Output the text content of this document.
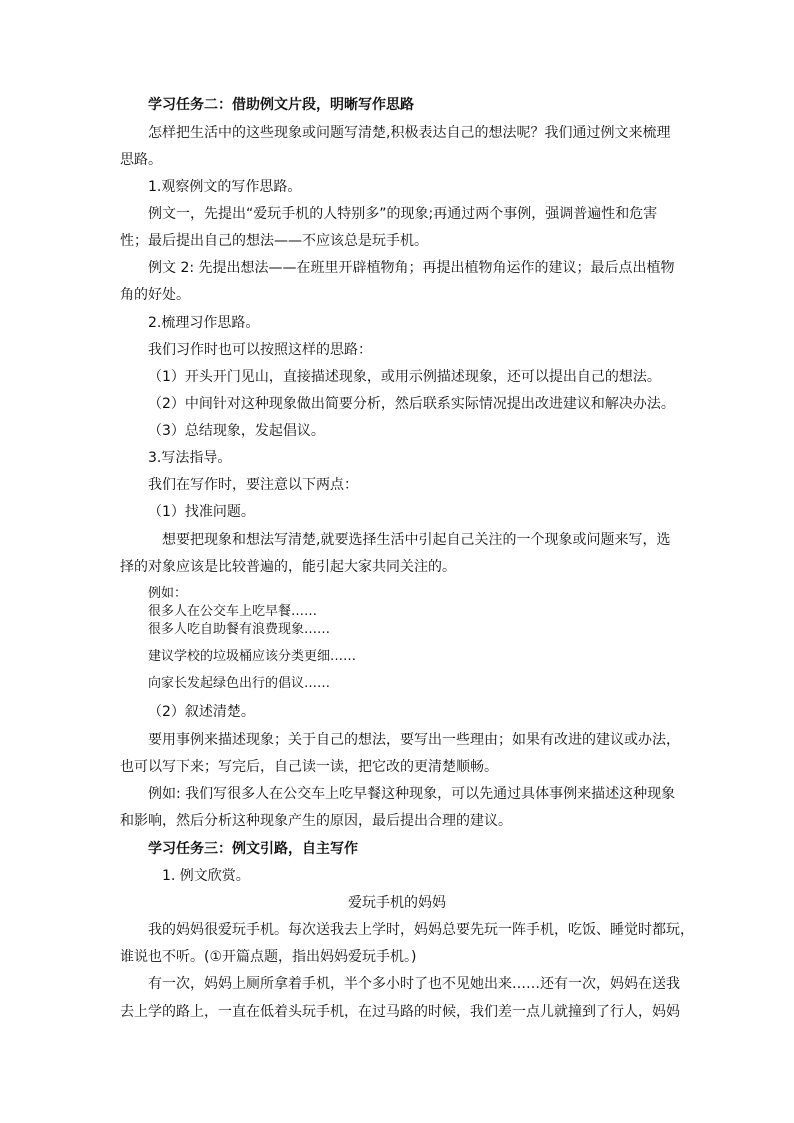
学习任务二：借助例文片段，明晰写作思路
怎样把生活中的这些现象或问题写清楚,积极表达自己的想法呢？我们通过例文来梳理
思路。
1.观察例文的写作思路。
例文一，先提出“爱玩手机的人特别多”的现象;再通过两个事例，强调普遍性和危害
性；最后提出自己的想法——不应该总是玩手机。
例文 2: 先提出想法——在班里开辟植物角；再提出植物角运作的建议；最后点出植物
角的好处。
2.梳理习作思路。
我们习作时也可以按照这样的思路：
（1）开头开门见山，直接描述现象，或用示例描述现象，还可以提出自己的想法。
（2）中间针对这种现象做出简要分析，然后联系实际情况提出改进建议和解决办法。
（3）总结现象，发起倡议。
3.写法指导。
我们在写作时，要注意以下两点：
（1）找准问题。
想要把现象和想法写清楚,就要选择生活中引起自己关注的一个现象或问题来写，选
择的对象应该是比较普遍的，能引起大家共同关注的。
例如：
很多人在公交车上吃早餐……
很多人吃自助餐有浪费现象……
建议学校的垃圾桶应该分类更细……
向家长发起绿色出行的倡议……
（2）叙述清楚。
要用事例来描述现象；关于自己的想法，要写出一些理由；如果有改进的建议或办法，
也可以写下来；写完后，自己读一读，把它改的更清楚顺畅。
例如: 我们写很多人在公交车上吃早餐这种现象，可以先通过具体事例来描述这种现象
和影响，然后分析这种现象产生的原因，最后提出合理的建议。
学习任务三：例文引路，自主写作
1. 例文欣赏。
爱玩手机的妈妈
我的妈妈很爱玩手机。每次送我去上学时，妈妈总要先玩一阵手机，吃饭、睡觉时都玩，
谁说也不听。(①开篇点题，指出妈妈爱玩手机。)
有一次，妈妈上厕所拿着手机，半个多小时了也不见她出来……还有一次，妈妈在送我
去上学的路上，一直在低着头玩手机，在过马路的时候，我们差一点儿就撞到了行人，妈妈
